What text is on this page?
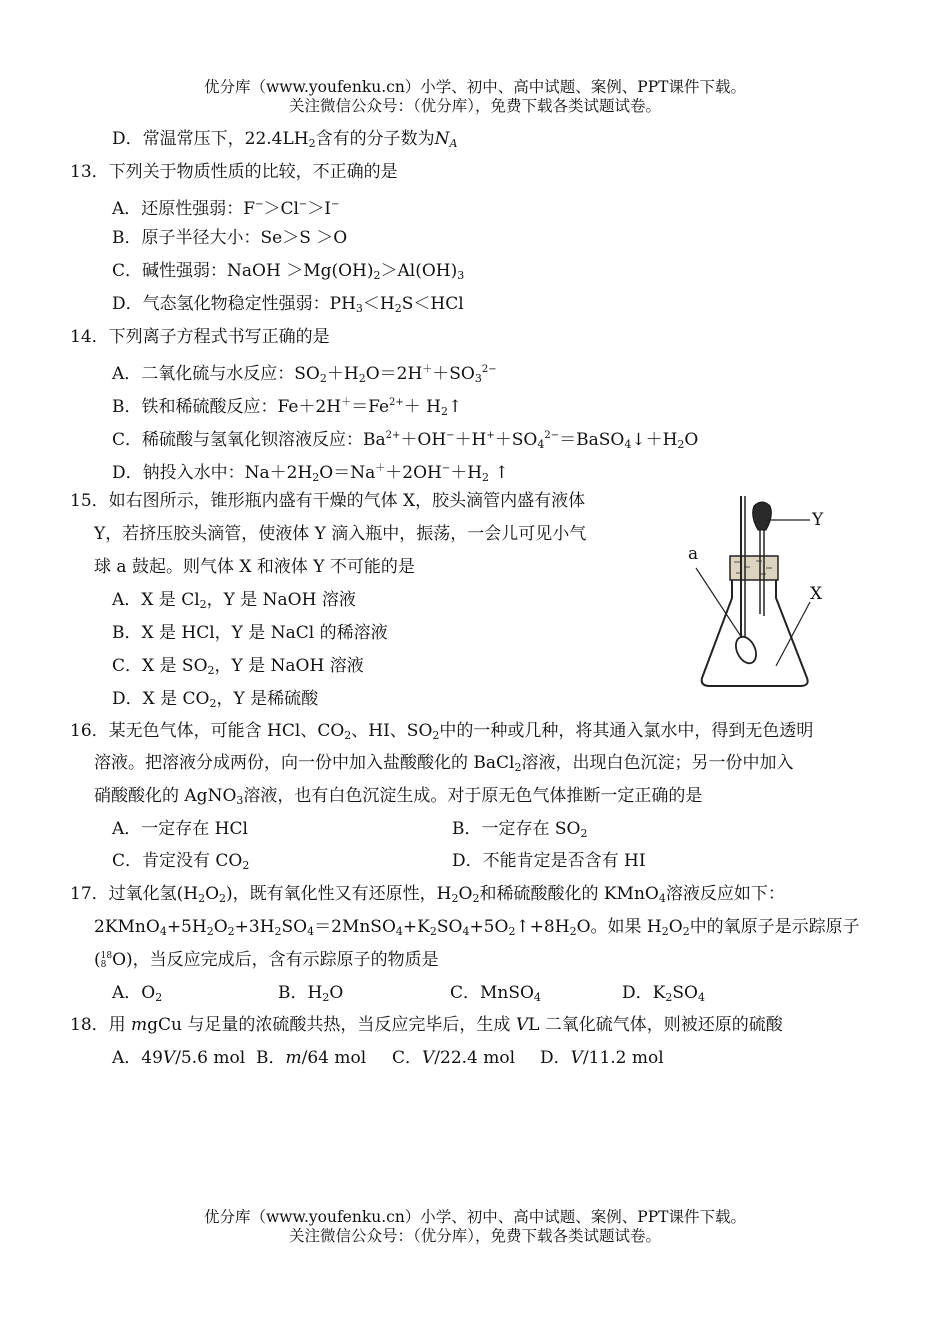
优分库（www.youfenku.cn）小学、初中、高中试题、案例、PPT课件下载。
关注微信公众号：（优分库），免费下载各类试题试卷。
D．常温常压下，$22.4LH_2$含有的分子数为$N_A$
13．下列关于物质性质的比较，不正确的是
A．还原性强弱：F−＞Cl−＞I−
B．原子半径大小：Se＞S ＞O
C．碱性强弱：NaOH $>Mg(OH)_2>Al(OH)_3$
D．气态氢化物稳定性强弱：$PH_3<H_2S<HCl$
14．下列离子方程式书写正确的是
A．二氧化硫与水反应：$SO_2+H_2O=2H^++SO_3^{2-}$
B．铁和稀硫酸反应：$Fe+2H^+=Fe^{2+}+$ $H_2↑$
C．稀硫酸与氢氧化钡溶液反应：$Ba^{2+}+OH^-+H^++SO_4^{2-}=BaSO_4↓+H_2O$
D．钠投入水中：$Na+2H_2O=Na^++2OH^-+H_2$ ↑
15．如右图所示，锥形瓶内盛有干燥的气体 X，胶头滴管内盛有液体
Y，若挤压胶头滴管，使液体 Y 滴入瓶中，振荡，一会儿可见小气
球 a 鼓起。则气体 X 和液体 Y 不可能的是
A．X 是 $Cl_2$，Y 是 NaOH 溶液
B．X 是 HCl，Y 是 NaCl 的稀溶液
C．X 是 $SO_2$，Y 是 NaOH 溶液
D．X 是 $CO_2$，Y 是稀硫酸
Y
a
X
16．某无色气体，可能含 HCl、$CO_2$、HI、$SO_2$中的一种或几种，将其通入氯水中，得到无色透明
溶液。把溶液分成两份，向一份中加入盐酸酸化的 BaCl$_2$溶液，出现白色沉淀；另一份中加入
硝酸酸化的 AgNO$_3$溶液，也有白色沉淀生成。对于原无色气体推断一定正确的是
A．一定存在 HCl	B．一定存在 $SO_2$
C．肯定没有 $CO_2$	D．不能肯定是否含有 HI
17．过氧化氢$(H_2O_2)$，既有氧化性又有还原性，$H_2O_2$和稀硫酸酸化的 KMnO$_4$溶液反应如下：
$2KMnO_4+5H_2O_2+3H_2SO_4=2MnSO_4+K_2SO_4+5O_2↑+8H_2O$。如果 $H_2O_2$中的氧原子是示踪原子
( 18
8 O)，当反应完成后，含有示踪原子的物质是
A．$O_2$	B．$H_2O$	C．MnSO$_4$	D．$K_2SO_4$
18．用 mgCu 与足量的浓硫酸共热，当反应完毕后，生成 VL 二氧化硫气体，则被还原的硫酸
A．49V/5.6 mol B．m/64 mol C．V/22.4 mol D．V/11.2 mol
优分库（www.youfenku.cn）小学、初中、高中试题、案例、PPT课件下载。
关注微信公众号：（优分库），免费下载各类试题试卷。
